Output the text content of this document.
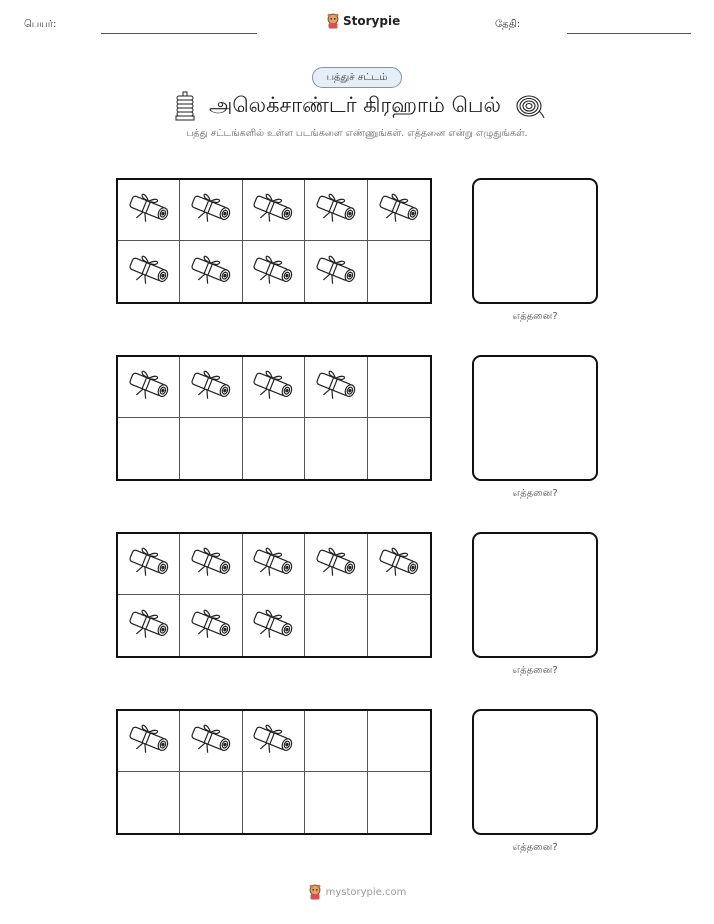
பெயர்:	Storypie	தேதி:
பத்துச் சட்டம்
அலெக்சாண்டர் கிரஹாம் பெல்
பத்து சட்டங்களில் உள்ள படங்களை எண்ணுங்கள். எத்தனை என்று எழுதுங்கள்.
எத்தனை?
எத்தனை?
எத்தனை?
எத்தனை?
mystorypie.com
